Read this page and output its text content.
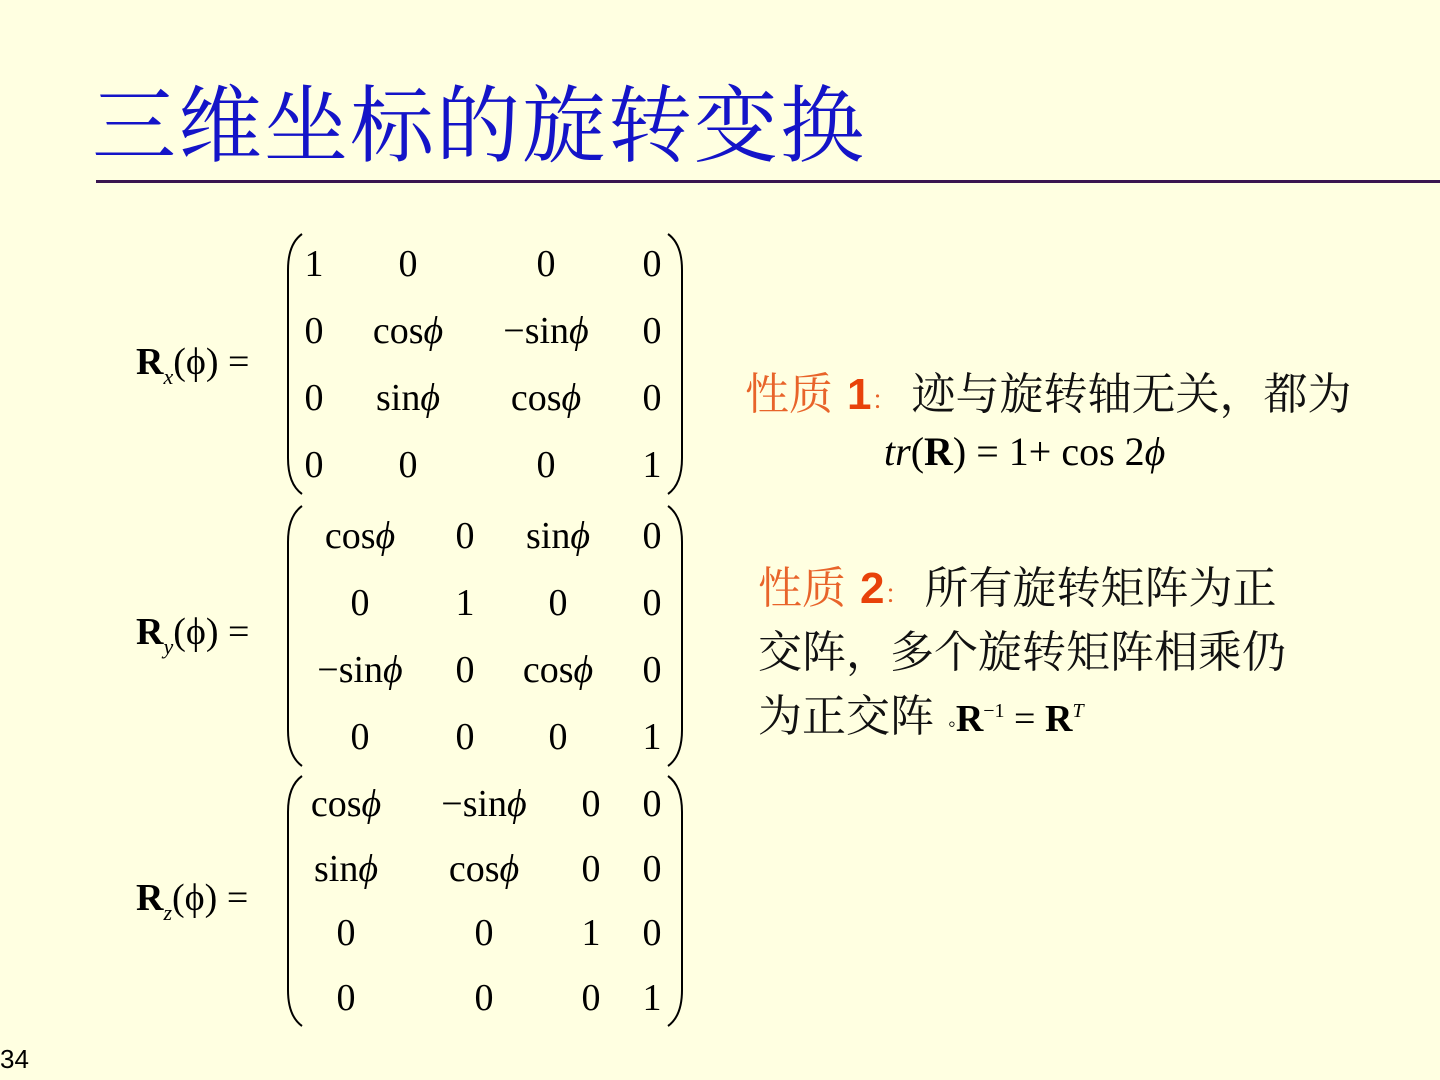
三维坐标的旋转变换
$R_x(\phi)$ =
1 0	0 0
0 cosϕ −sinϕ 0
0 sinϕ cosϕ 0
0 0	0 1
$R_y(\phi)$ =
cosϕ 0 sinϕ 0
0 1 0 0
−sinϕ 0 cosϕ 0
0 0 0 1
$R_z(\phi)$ =
cosϕ −sinϕ 0 0
sinϕ cosϕ 0 0
0	0 1 0
0	0 0 1
性质 1： 迹与旋转轴无关，都为
tr(R) = 1+ cos 2ϕ
性质 2： 所有旋转矩阵为正
交阵，多个旋转矩阵相乘仍
为正交阵 $◦R^{-1} = R^T$
34
